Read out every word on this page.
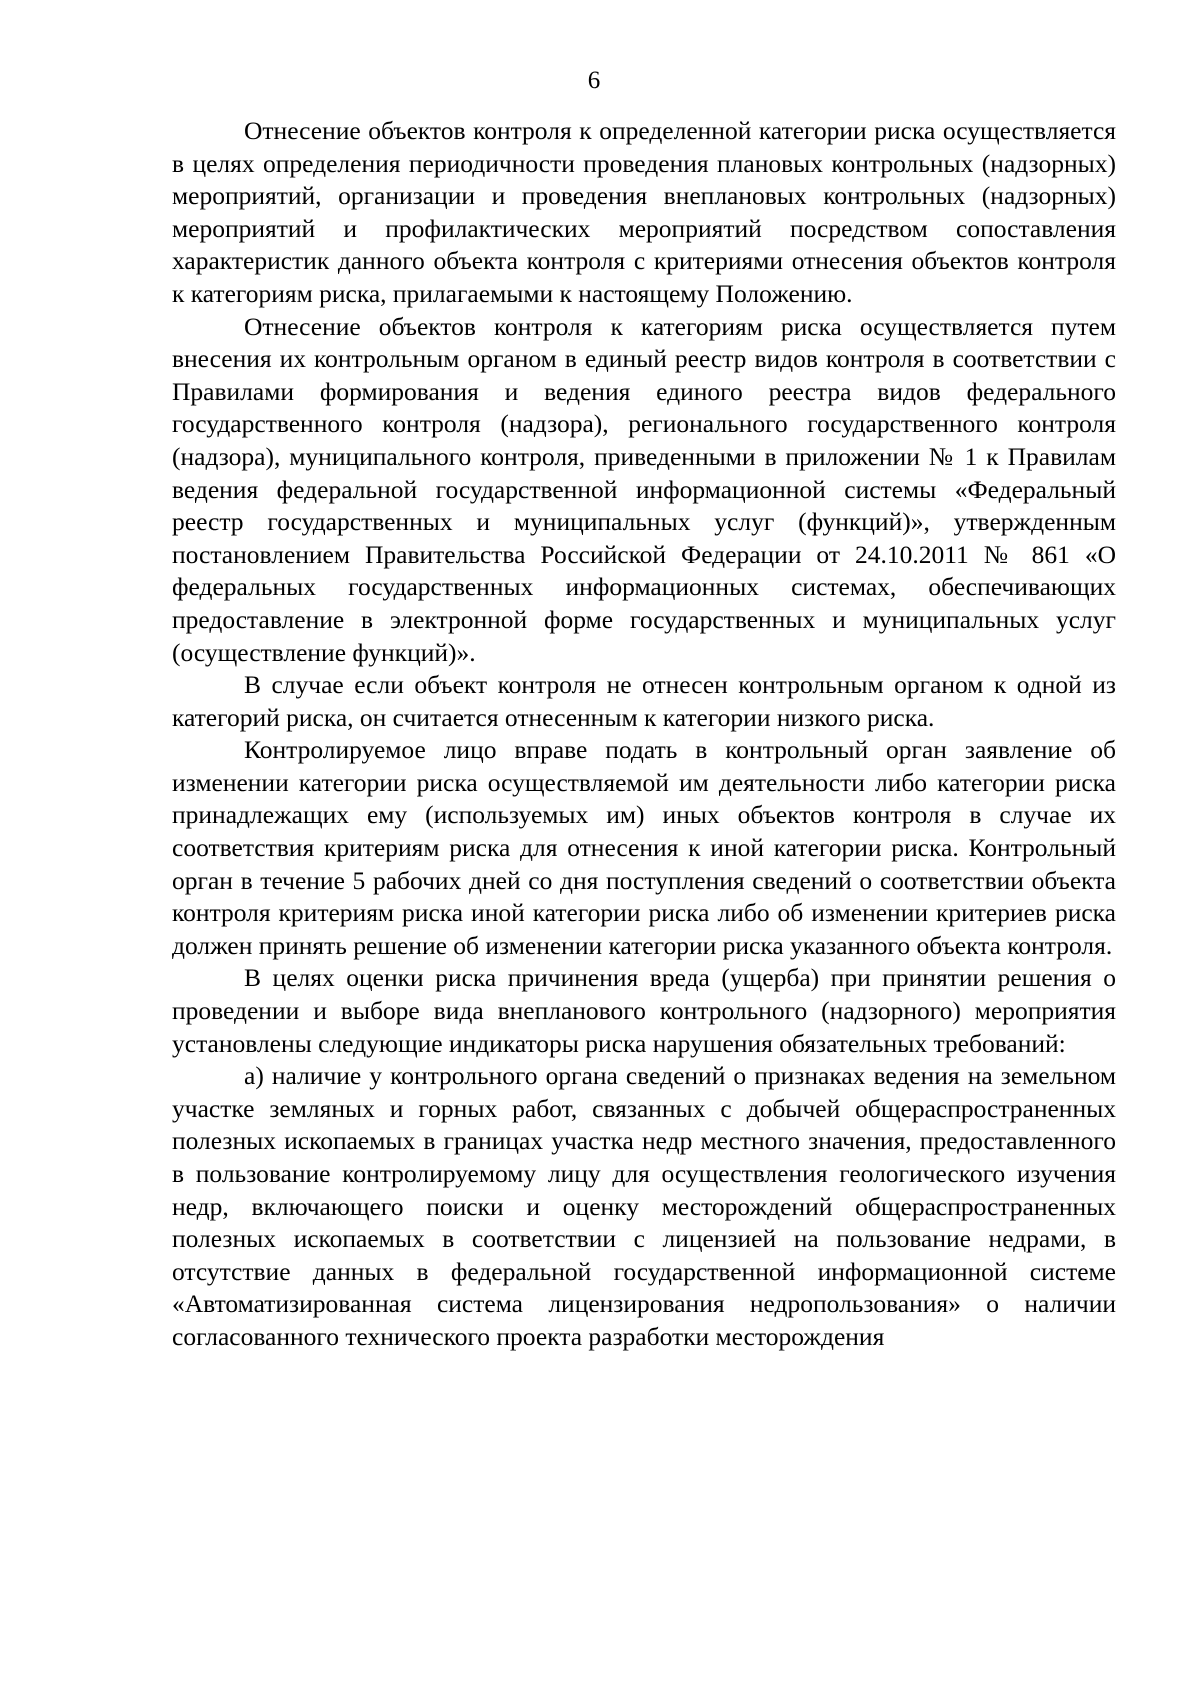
6

Отнесение объектов контроля к определенной категории риска осуществляется в целях определения периодичности проведения плановых контрольных (надзорных) мероприятий, организации и проведения внеплановых контрольных (надзорных) мероприятий и профилактических мероприятий посредством сопоставления характеристик данного объекта контроля с критериями отнесения объектов контроля к категориям риска, прилагаемыми к настоящему Положению.

Отнесение объектов контроля к категориям риска осуществляется путем внесения их контрольным органом в единый реестр видов контроля в соответствии с Правилами формирования и ведения единого реестра видов федерального государственного контроля (надзора), регионального государственного контроля (надзора), муниципального контроля, приведенными в приложении № 1 к Правилам ведения федеральной государственной информационной системы «Федеральный реестр государственных и муниципальных услуг (функций)», утвержденным постановлением Правительства Российской Федерации от 24.10.2011 № 861 «О федеральных государственных информационных системах, обеспечивающих предоставление в электронной форме государственных и муниципальных услуг (осуществление функций)».

В случае если объект контроля не отнесен контрольным органом к одной из категорий риска, он считается отнесенным к категории низкого риска.

Контролируемое лицо вправе подать в контрольный орган заявление об изменении категории риска осуществляемой им деятельности либо категории риска принадлежащих ему (используемых им) иных объектов контроля в случае их соответствия критериям риска для отнесения к иной категории риска. Контрольный орган в течение 5 рабочих дней со дня поступления сведений о соответствии объекта контроля критериям риска иной категории риска либо об изменении критериев риска должен принять решение об изменении категории риска указанного объекта контроля.

В целях оценки риска причинения вреда (ущерба) при принятии решения о проведении и выборе вида внепланового контрольного (надзорного) мероприятия установлены следующие индикаторы риска нарушения обязательных требований:

а) наличие у контрольного органа сведений о признаках ведения на земельном участке земляных и горных работ, связанных с добычей общераспространенных полезных ископаемых в границах участка недр местного значения, предоставленного в пользование контролируемому лицу для осуществления геологического изучения недр, включающего поиски и оценку месторождений общераспространенных полезных ископаемых в соответствии с лицензией на пользование недрами, в отсутствие данных в федеральной государственной информационной системе «Автоматизированная система лицензирования недропользования» о наличии согласованного технического проекта разработки месторождения
